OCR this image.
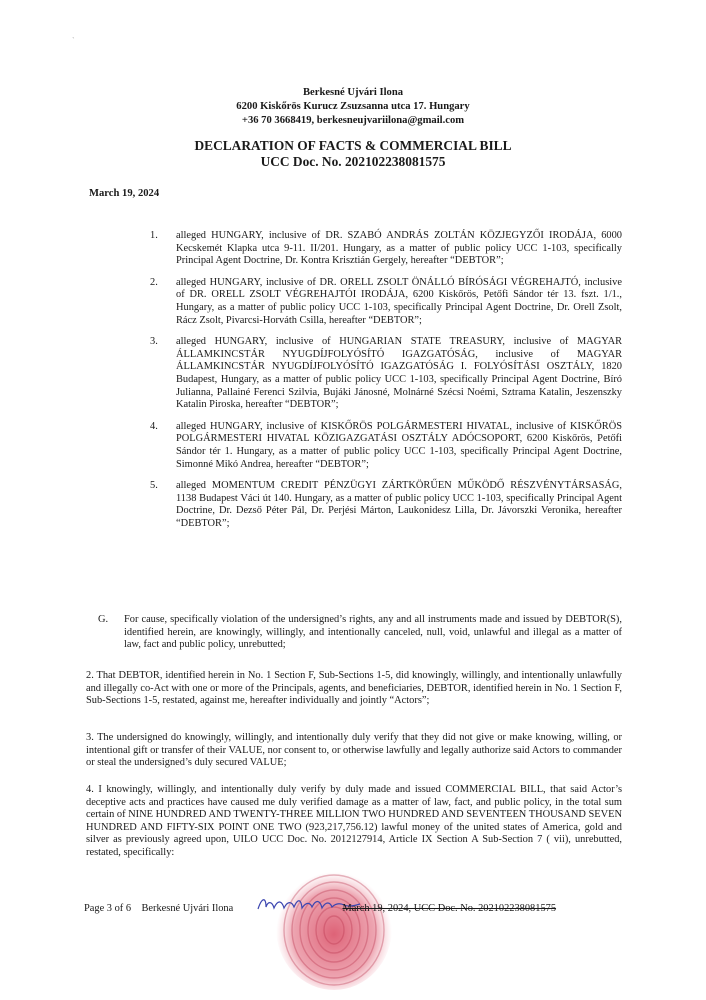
`
Berkesné Ujvári Ilona
6200 Kiskőrös Kurucz Zsuzsanna utca 17. Hungary
+36 70 3668419, berkesneujvariilona@gmail.com
DECLARATION OF FACTS & COMMERCIAL BILL
UCC Doc. No. 202102238081575
March 19, 2024

1. alleged HUNGARY, inclusive of DR. SZABÓ ANDRÁS ZOLTÁN KÖZJEGYZŐI IRODÁJA, 6000 Kecskemét Klapka utca 9-11. II/201. Hungary, as a matter of public policy UCC 1-103, specifically Principal Agent Doctrine, Dr. Kontra Krisztián Gergely, hereafter “DEBTOR”;

2. alleged HUNGARY, inclusive of DR. ORELL ZSOLT ÖNÁLLÓ BÍRÓSÁGI VÉGREHAJTÓ, inclusive of DR. ORELL ZSOLT VÉGREHAJTÓI IRODÁJA, 6200 Kiskőrös, Petőfi Sándor tér 13. fszt. 1/1., Hungary, as a matter of public policy UCC 1-103, specifically Principal Agent Doctrine, Dr. Orell Zsolt, Rácz Zsolt, Pivarcsi-Horváth Csilla, hereafter “DEBTOR”;

3. alleged HUNGARY, inclusive of HUNGARIAN STATE TREASURY, inclusive of MAGYAR ÁLLAMKINCSTÁR NYUGDÍJFOLYÓSÍTÓ IGAZGATÓSÁG, inclusive of MAGYAR ÁLLAMKINCSTÁR NYUGDÍJFOLYÓSÍTÓ IGAZGATÓSÁG I. FOLYÓSÍTÁSI OSZTÁLY, 1820 Budapest, Hungary, as a matter of public policy UCC 1-103, specifically Principal Agent Doctrine, Bíró Julianna, Pallainé Ferenci Szilvia, Bujáki Jánosné, Molnárné Szécsi Noémi, Sztrama Katalin, Jeszenszky Katalin Piroska, hereafter “DEBTOR”;

4. alleged HUNGARY, inclusive of KISKŐRÖS POLGÁRMESTERI HIVATAL, inclusive of KISKŐRÖS POLGÁRMESTERI HIVATAL KÖZIGAZGATÁSI OSZTÁLY ADÓCSOPORT, 6200 Kiskőrös, Petőfi Sándor tér 1. Hungary, as a matter of public policy UCC 1-103, specifically Principal Agent Doctrine, Simonné Mikó Andrea, hereafter “DEBTOR”;

5. alleged MOMENTUM CREDIT PÉNZÜGYI ZÁRTKÖRŰEN MŰKÖDŐ RÉSZVÉNYTÁRSASÁG, 1138 Budapest Váci út 140. Hungary, as a matter of public policy UCC 1-103, specifically Principal Agent Doctrine, Dr. Dezső Péter Pál, Dr. Perjési Márton, Laukonidesz Lilla, Dr. Jávorszki Veronika, hereafter “DEBTOR”;

G. For cause, specifically violation of the undersigned’s rights, any and all instruments made and issued by DEBTOR(S), identified herein, are knowingly, willingly, and intentionally canceled, null, void, unlawful and illegal as a matter of law, fact and public policy, unrebutted;

2. That DEBTOR, identified herein in No. 1 Section F, Sub-Sections 1-5, did knowingly, willingly, and intentionally unlawfully and illegally co-Act with one or more of the Principals, agents, and beneficiaries, DEBTOR, identified herein in No. 1 Section F, Sub-Sections 1-5, restated, against me, hereafter individually and jointly “Actors”;

3. The undersigned do knowingly, willingly, and intentionally duly verify that they did not give or make knowing, willing, or intentional gift or transfer of their VALUE, nor consent to, or otherwise lawfully and legally authorize said Actors to commander or steal the undersigned’s duly secured VALUE;

4. I knowingly, willingly, and intentionally duly verify by duly made and issued COMMERCIAL BILL, that said Actor’s deceptive acts and practices have caused me duly verified damage as a matter of law, fact, and public policy, in the total sum certain of NINE HUNDRED AND TWENTY-THREE MILLION TWO HUNDRED AND SEVENTEEN THOUSAND SEVEN HUNDRED AND FIFTY-SIX POINT ONE TWO (923,217,756.12) lawful money of the united states of America, gold and silver as previously agreed upon, UILO UCC Doc. No. 2012127914, Article IX Section A Sub-Section 7 ( vii), unrebutted, restated, specifically:

Page 3 of 6 Berkesné Ujvári Ilona	March 19, 2024, UCC Doc. No. 202102238081575
